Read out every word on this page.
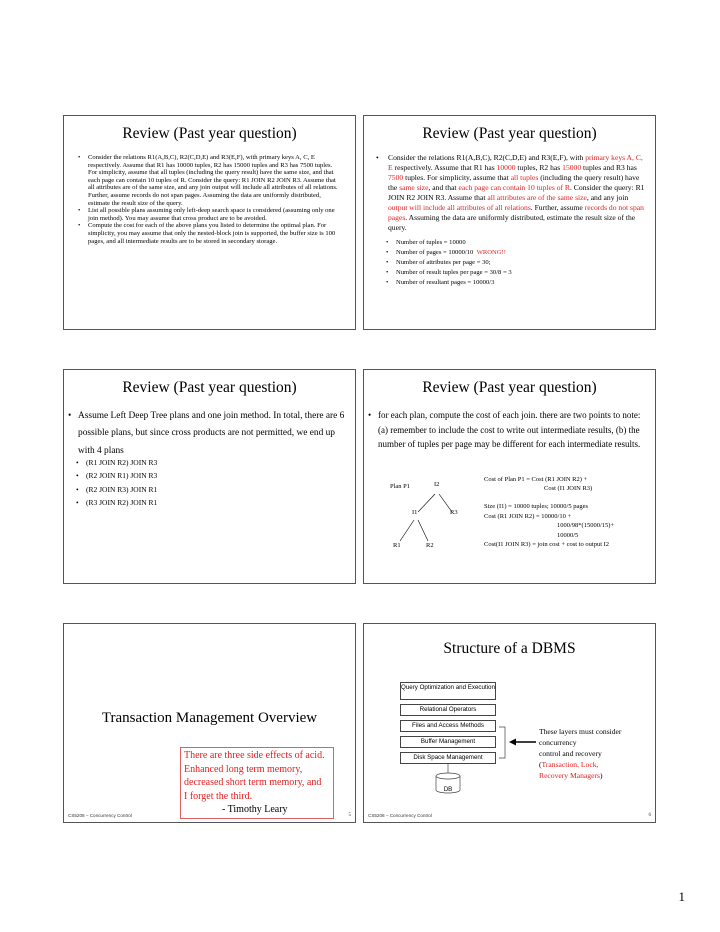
Review (Past year question)
• Consider the relations R1(A,B,C), R2(C,D,E) and R3(E,F), with primary keys A, C, E respectively. Assume that R1 has 10000 tuples, R2 has 15000 tuples and R3 has 7500 tuples. For simplicity, assume that all tuples (including the query result) have the same size, and that each page can contain 10 tuples of R. Consider the query: R1 JOIN R2 JOIN R3. Assume that all attributes are of the same size, and any join output will include all attributes of all relations. Further, assume records do not span pages. Assuming the data are uniformly distributed, estimate the result size of the query.
• List all possible plans assuming only left-deep search space is considered (assuming only one join method). You may assume that cross product are to be avoided.
• Compute the cost for each of the above plans you listed to determine the optimal plan. For simplicity, you may assume that only the nested-block join is supported, the buffer size is 100 pages, and all intermediate results are to be stored in secondary storage.
Review (Past year question)
• Consider the relations R1(A,B,C), R2(C,D,E) and R3(E,F), with primary keys A, C, E respectively. Assume that R1 has 10000 tuples, R2 has 15000 tuples and R3 has 7500 tuples. For simplicity, assume that all tuples (including the query result) have the same size, and that each page can contain 10 tuples of R. Consider the query: R1 JOIN R2 JOIN R3. Assume that all attributes are of the same size, and any join output will include all attributes of all relations. Further, assume records do not span pages. Assuming the data are uniformly distributed, estimate the result size of the query.
• Number of tuples = 10000
• Number of pages = 10000/10 WRONG!!
• Number of attributes per page = 30;
• Number of result tuples per page = 30/8 = 3
• Number of resultant pages = 10000/3
Review (Past year question)
• Assume Left Deep Tree plans and one join method. In total, there are 6 possible plans, but since cross products are not permitted, we end up with 4 plans
• (R1 JOIN R2) JOIN R3
• (R2 JOIN R1) JOIN R3
• (R2 JOIN R3) JOIN R1
• (R3 JOIN R2) JOIN R1
Review (Past year question)
• for each plan, compute the cost of each join. there are two points to note: (a) remember to include the cost to write out intermediate results, (b) the number of tuples per page may be different for each intermediate results.
Plan P1	I2
I1	R3
R1	R2
Cost of Plan P1 = Cost (R1 JOIN R2) +
Cost (I1 JOIN R3)
Size (I1) = 10000 tuples; 10000/5 pages
Cost (R1 JOIN R2) = 10000/10 +
1000/98*(15000/15)+
10000/5
Cost(I1 JOIN R3) = join cost + cost to output I2
Transaction Management Overview
There are three side effects of acid.
Enhanced long term memory,
decreased short term memory, and
I forget the third.
- Timothy Leary
CS5208 – Concurrency Control	5
Structure of a DBMS
Query Optimization and Execution
Relational Operators
Files and Access Methods
Buffer Management
Disk Space Management
DB
These layers must consider
concurrency
control and recovery
(Transaction, Lock,
Recovery Managers)
CS5208 – Concurrency Control	6
1
